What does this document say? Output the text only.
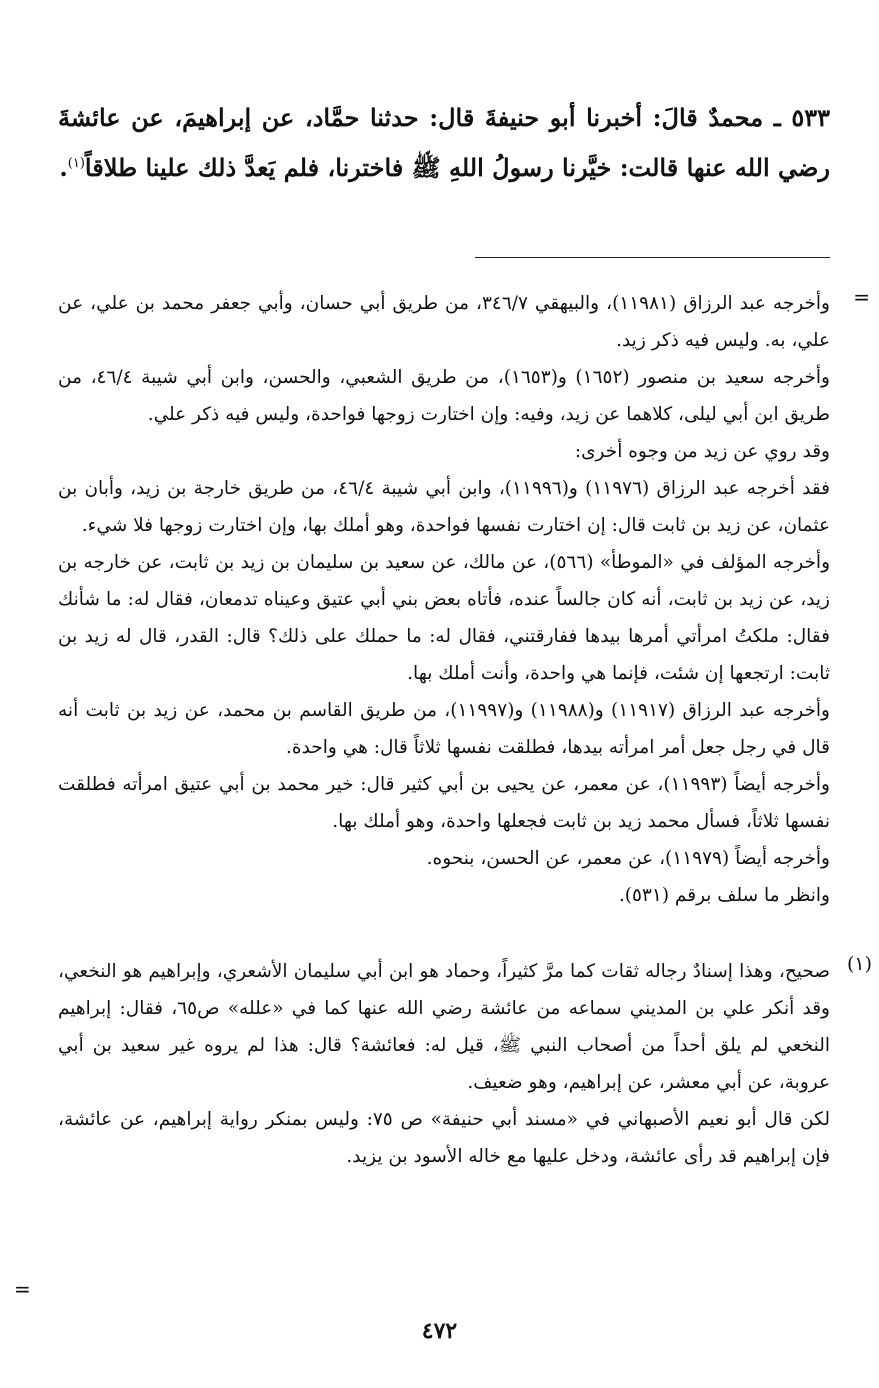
٥٣٣ ـ محمدٌ قالَ: أخبرنا أبو حنيفةَ قال: حدثنا حمَّاد، عن إبراهيمَ، عن عائشةَ رضي الله عنها قالت: خيَّرنا رسولُ اللهِ ﷺ فاخترنا، فلم يَعدَّ ذلك علينا طلاقاً$^{(١)}$.
=

وأخرجه عبد الرزاق (١١٩٨١)، والبيهقي ٣٤٦/٧، من طريق أبي حسان، وأبي جعفر محمد بن علي، عن علي، به. وليس فيه ذكر زيد.

وأخرجه سعيد بن منصور (١٦٥٢) و(١٦٥٣)، من طريق الشعبي، والحسن، وابن أبي شيبة ٤٦/٤، من طريق ابن أبي ليلى، كلاهما عن زيد، وفيه: وإن اختارت زوجها فواحدة، وليس فيه ذكر علي.

وقد روي عن زيد من وجوه أخرى:

فقد أخرجه عبد الرزاق (١١٩٧٦) و(١١٩٩٦)، وابن أبي شيبة ٤٦/٤، من طريق خارجة بن زيد، وأبان بن عثمان، عن زيد بن ثابت قال: إن اختارت نفسها فواحدة، وهو أملك بها، وإن اختارت زوجها فلا شيء.

وأخرجه المؤلف في «الموطأ» (٥٦٦)، عن مالك، عن سعيد بن سليمان بن زيد بن ثابت، عن خارجه بن زيد، عن زيد بن ثابت، أنه كان جالساً عنده، فأتاه بعض بني أبي عتيق وعيناه تدمعان، فقال له: ما شأنك فقال: ملكتُ امرأتي أمرها بيدها ففارقتني، فقال له: ما حملك على ذلك؟ قال: القدر، قال له زيد بن ثابت: ارتجعها إن شئت، فإنما هي واحدة، وأنت أملك بها.

وأخرجه عبد الرزاق (١١٩١٧) و(١١٩٨٨) و(١١٩٩٧)، من طريق القاسم بن محمد، عن زيد بن ثابت أنه قال في رجل جعل أمر امرأته بيدها، فطلقت نفسها ثلاثاً قال: هي واحدة.

وأخرجه أيضاً (١١٩٩٣)، عن معمر، عن يحيى بن أبي كثير قال: خير محمد بن أبي عتيق امرأته فطلقت نفسها ثلاثاً، فسأل محمد زيد بن ثابت فجعلها واحدة، وهو أملك بها.

وأخرجه أيضاً (١١٩٧٩)، عن معمر، عن الحسن، بنحوه.

وانظر ما سلف برقم (٥٣١).

(١)

صحيح، وهذا إسنادٌ رجاله ثقات كما مرَّ كثيراً، وحماد هو ابن أبي سليمان الأشعري، وإبراهيم هو النخعي، وقد أنكر علي بن المديني سماعه من عائشة رضي الله عنها كما في «علله» ص٦٥، فقال: إبراهيم النخعي لم يلق أحداً من أصحاب النبي ﷺ، قيل له: فعائشة؟ قال: هذا لم يروه غير سعيد بن أبي عروبة، عن أبي معشر، عن إبراهيم، وهو ضعيف.

لكن قال أبو نعيم الأصبهاني في «مسند أبي حنيفة» ص ٧٥: وليس بمنكر رواية إبراهيم، عن عائشة، فإن إبراهيم قد رأى عائشة، ودخل عليها مع خاله الأسود بن يزيد.

=
٤٧٢
